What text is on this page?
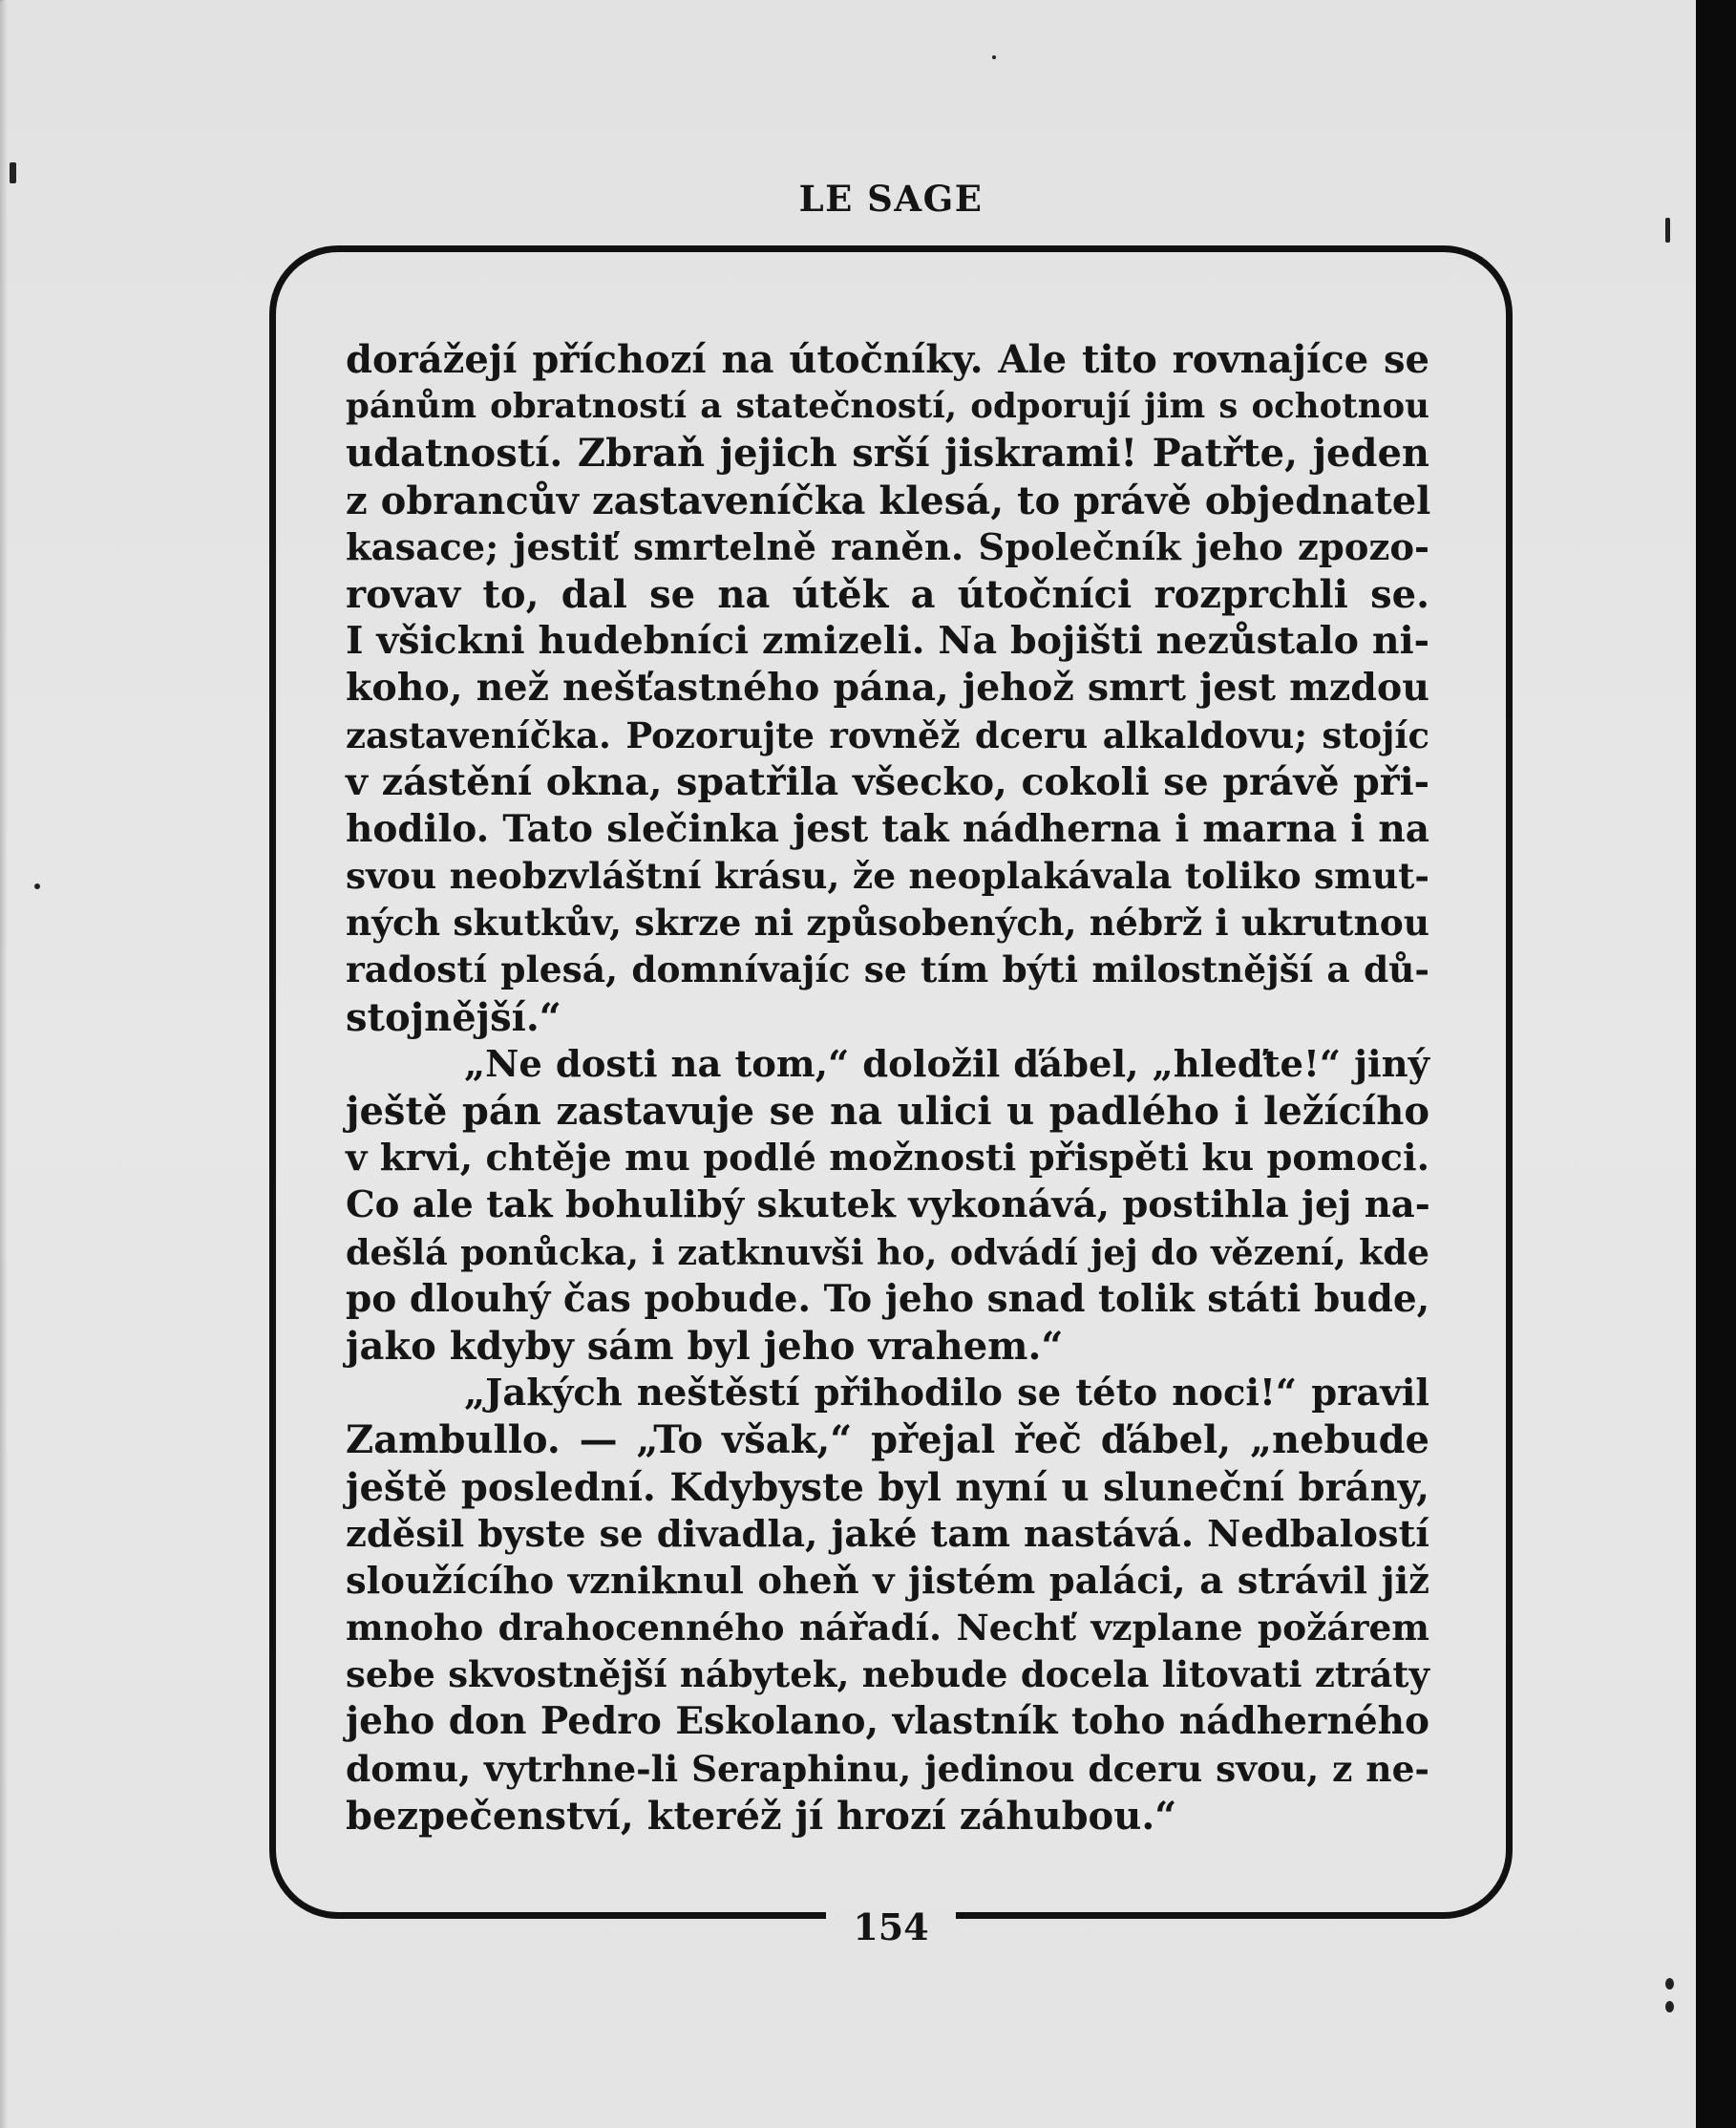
LE SAGE
dorážejí příchozí na útočníky. Ale tito rovnajíce se
pánům obratností a statečností, odporují jim s ochotnou
udatností. Zbraň jejich srší jiskrami! Patřte, jeden
z obrancův zastaveníčka klesá, to právě objednatel
kasace; jestiť smrtelně raněn. Společník jeho zpozo-
rovav to, dal se na útěk a útočníci rozprchli se.
I všickni hudebníci zmizeli. Na bojišti nezůstalo ni-
koho, než nešťastného pána, jehož smrt jest mzdou
zastaveníčka. Pozorujte rovněž dceru alkaldovu; stojíc
v zástění okna, spatřila všecko, cokoli se právě při-
hodilo. Tato slečinka jest tak nádherna i marna i na
svou neobzvláštní krásu, že neoplakávala toliko smut-
ných skutkův, skrze ni způsobených, nébrž i ukrutnou
radostí plesá, domnívajíc se tím býti milostnější a dů-
stojnější.“
„Ne dosti na tom,“ doložil ďábel, „hleďte!“ jiný
ještě pán zastavuje se na ulici u padlého i ležícího
v krvi, chtěje mu podlé možnosti přispěti ku pomoci.
Co ale tak bohulibý skutek vykonává, postihla jej na-
dešlá ponůcka, i zatknuvši ho, odvádí jej do vězení, kde
po dlouhý čas pobude. To jeho snad tolik státi bude,
jako kdyby sám byl jeho vrahem.“
„Jakých neštěstí přihodilo se této noci!“ pravil
Zambullo. — „To však,“ přejal řeč ďábel, „nebude
ještě poslední. Kdybyste byl nyní u sluneční brány,
zděsil byste se divadla, jaké tam nastává. Nedbalostí
sloužícího vzniknul oheň v jistém paláci, a strávil již
mnoho drahocenného nářadí. Nechť vzplane požárem
sebe skvostnější nábytek, nebude docela litovati ztráty
jeho don Pedro Eskolano, vlastník toho nádherného
domu, vytrhne-li Seraphinu, jedinou dceru svou, z ne-
bezpečenství, kteréž jí hrozí záhubou.“
154
